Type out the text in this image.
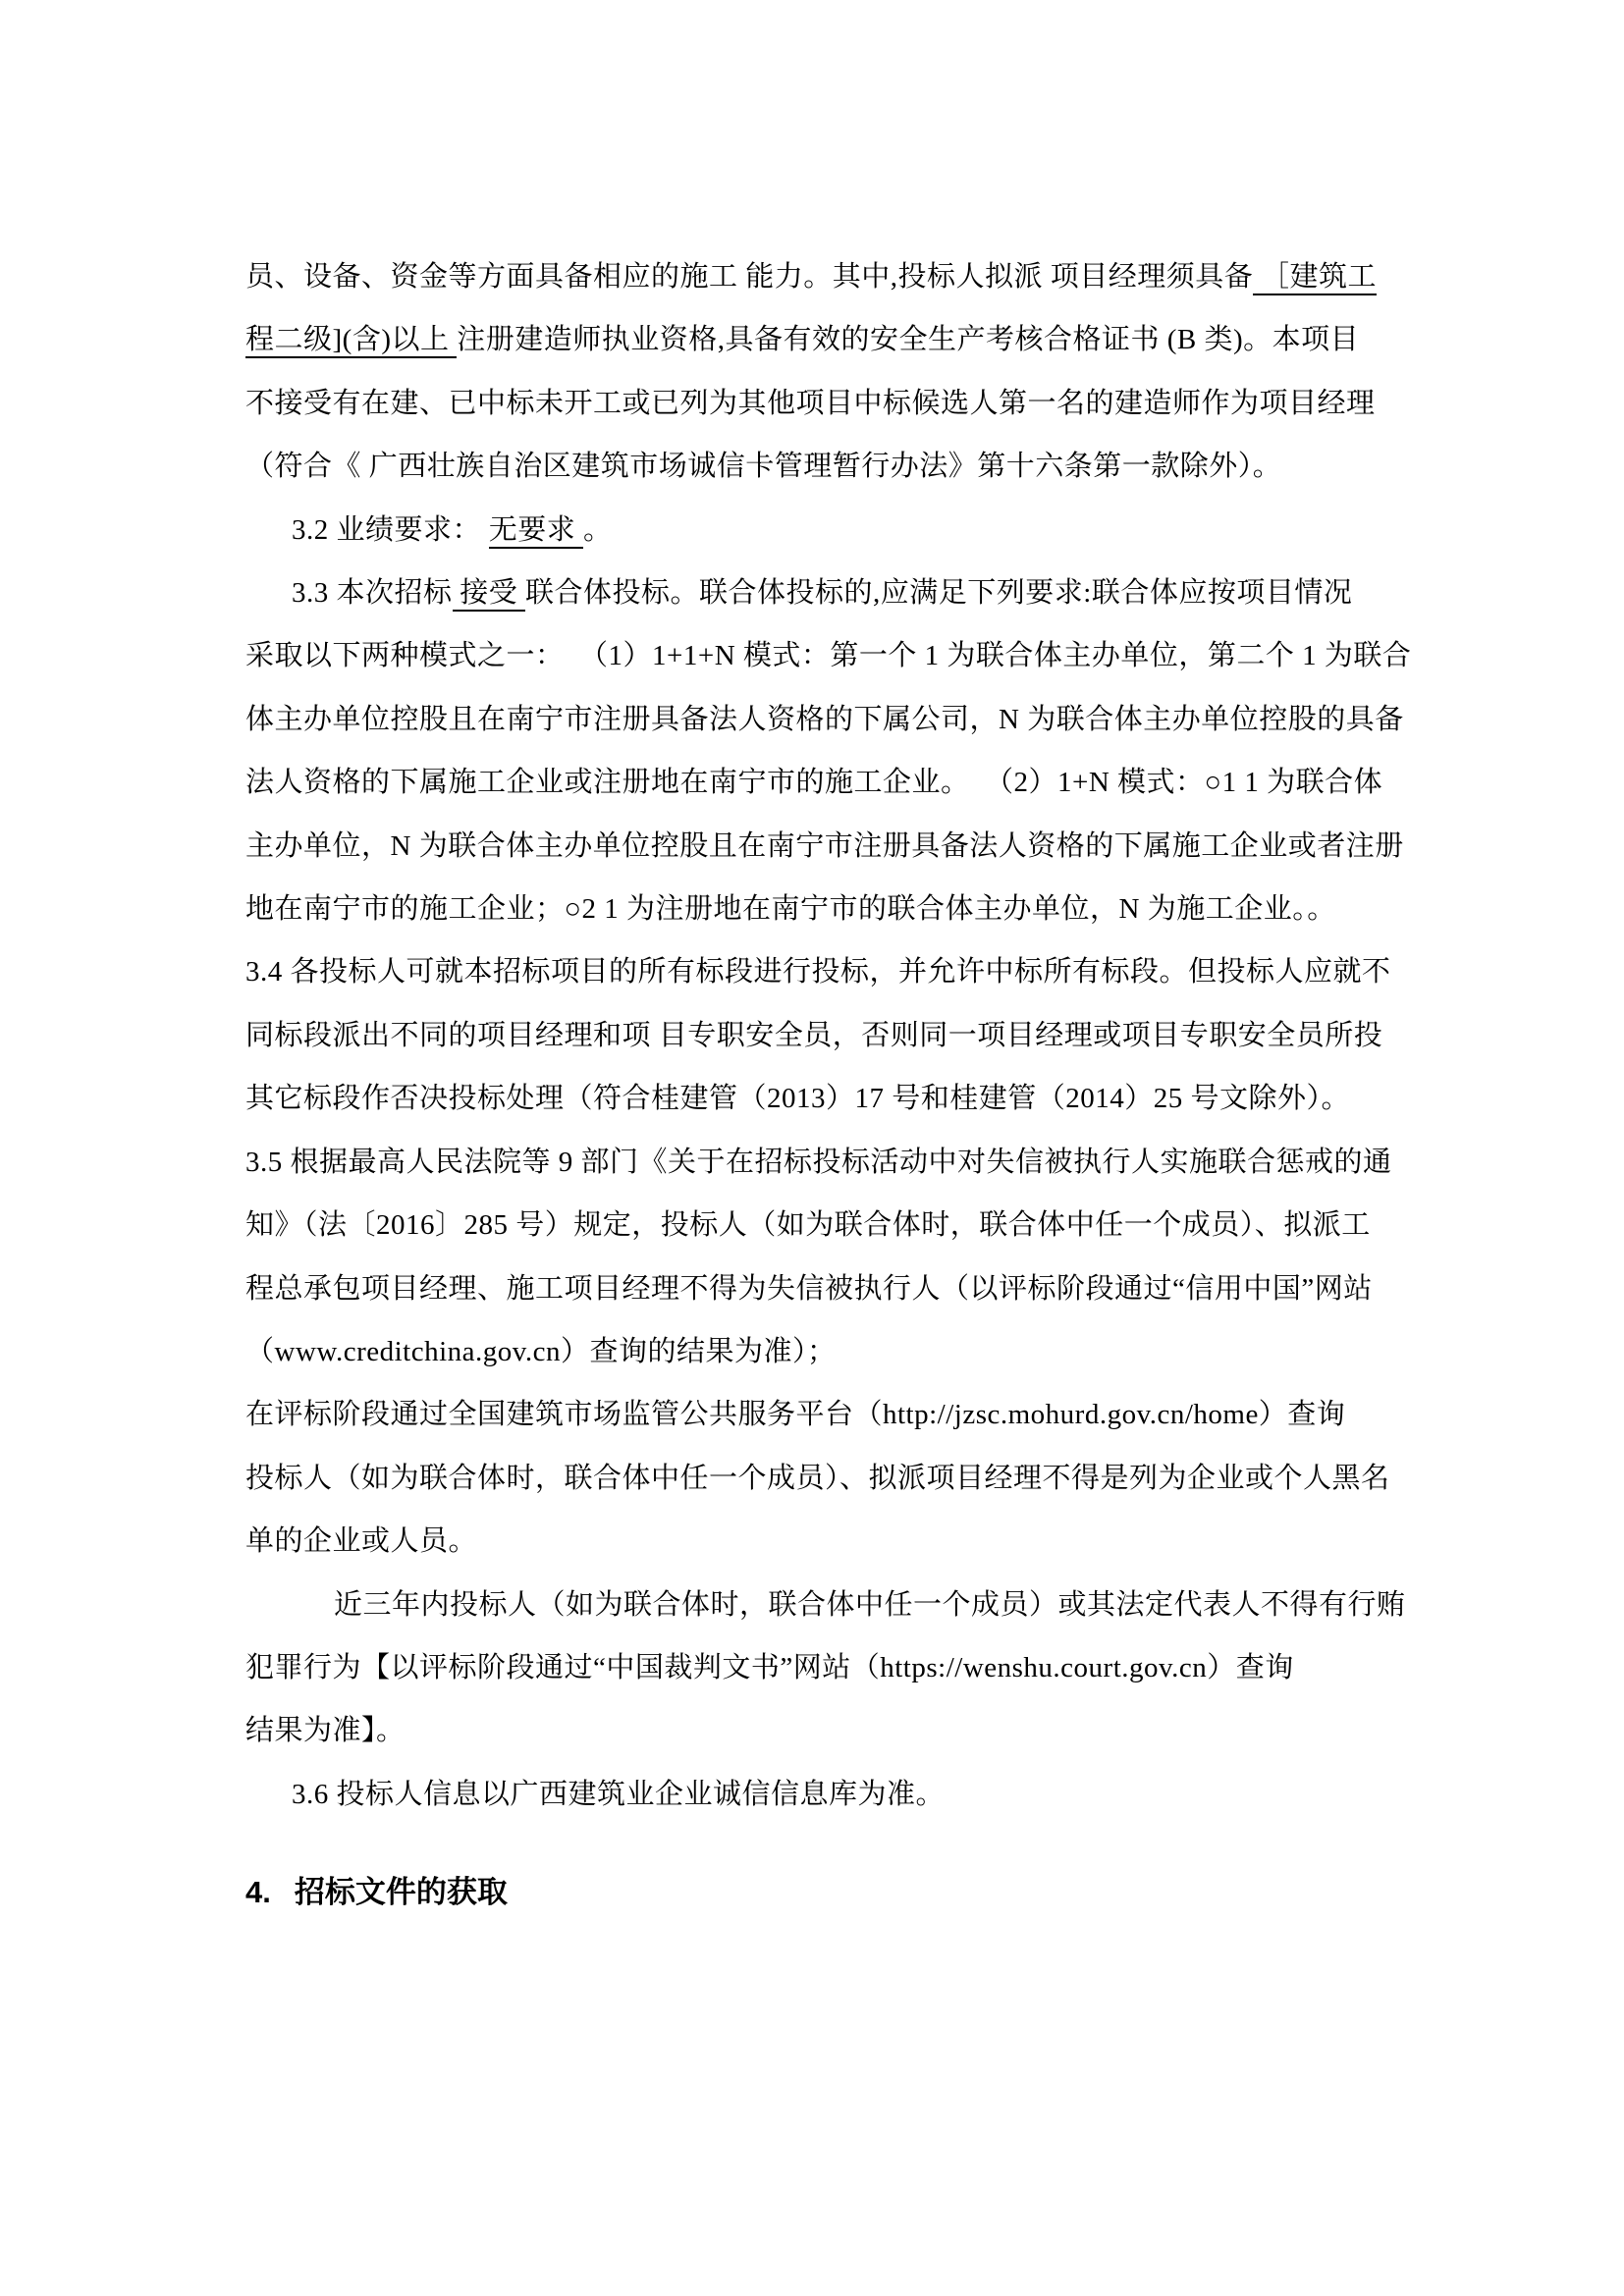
员、设备、资金等方面具备相应的施工 能力。其中,投标人拟派 项目经理须具备 ［建筑工
程二级](含)以上 注册建造师执业资格,具备有效的安全生产考核合格证书 (B 类)。本项目
不接受有在建、已中标未开工或已列为其他项目中标候选人第一名的建造师作为项目经理
（符合《 广西壮族自治区建筑市场诚信卡管理暂行办法》第十六条第一款除外）。
3.2 业绩要求： 无要求 。
3.3 本次招标 接受 联合体投标。联合体投标的,应满足下列要求:联合体应按项目情况
采取以下两种模式之一：  （1）1+1+N 模式：第一个 1 为联合体主办单位，第二个 1 为联合
体主办单位控股且在南宁市注册具备法人资格的下属公司，N 为联合体主办单位控股的具备
法人资格的下属施工企业或注册地在南宁市的施工企业。  （2）1+N 模式：○1 1 为联合体
主办单位，N 为联合体主办单位控股且在南宁市注册具备法人资格的下属施工企业或者注册
地在南宁市的施工企业；○2 1 为注册地在南宁市的联合体主办单位，N 为施工企业。。
3.4 各投标人可就本招标项目的所有标段进行投标，并允许中标所有标段。但投标人应就不
同标段派出不同的项目经理和项 目专职安全员，否则同一项目经理或项目专职安全员所投
其它标段作否决投标处理（符合桂建管（2013）17 号和桂建管（2014）25 号文除外）。
3.5 根据最高人民法院等 9 部门《关于在招标投标活动中对失信被执行人实施联合惩戒的通
知》（法〔2016〕285 号）规定，投标人（如为联合体时，联合体中任一个成员）、拟派工
程总承包项目经理、施工项目经理不得为失信被执行人（以评标阶段通过“信用中国”网站
（www.creditchina.gov.cn）查询的结果为准）；
在评标阶段通过全国建筑市场监管公共服务平台（http://jzsc.mohurd.gov.cn/home）查询
投标人（如为联合体时，联合体中任一个成员）、拟派项目经理不得是列为企业或个人黑名
单的企业或人员。
近三年内投标人（如为联合体时，联合体中任一个成员）或其法定代表人不得有行贿
犯罪行为【以评标阶段通过“中国裁判文书”网站（https://wenshu.court.gov.cn）查询
结果为准】。
3.6 投标人信息以广西建筑业企业诚信信息库为准。
4. 招标文件的获取
